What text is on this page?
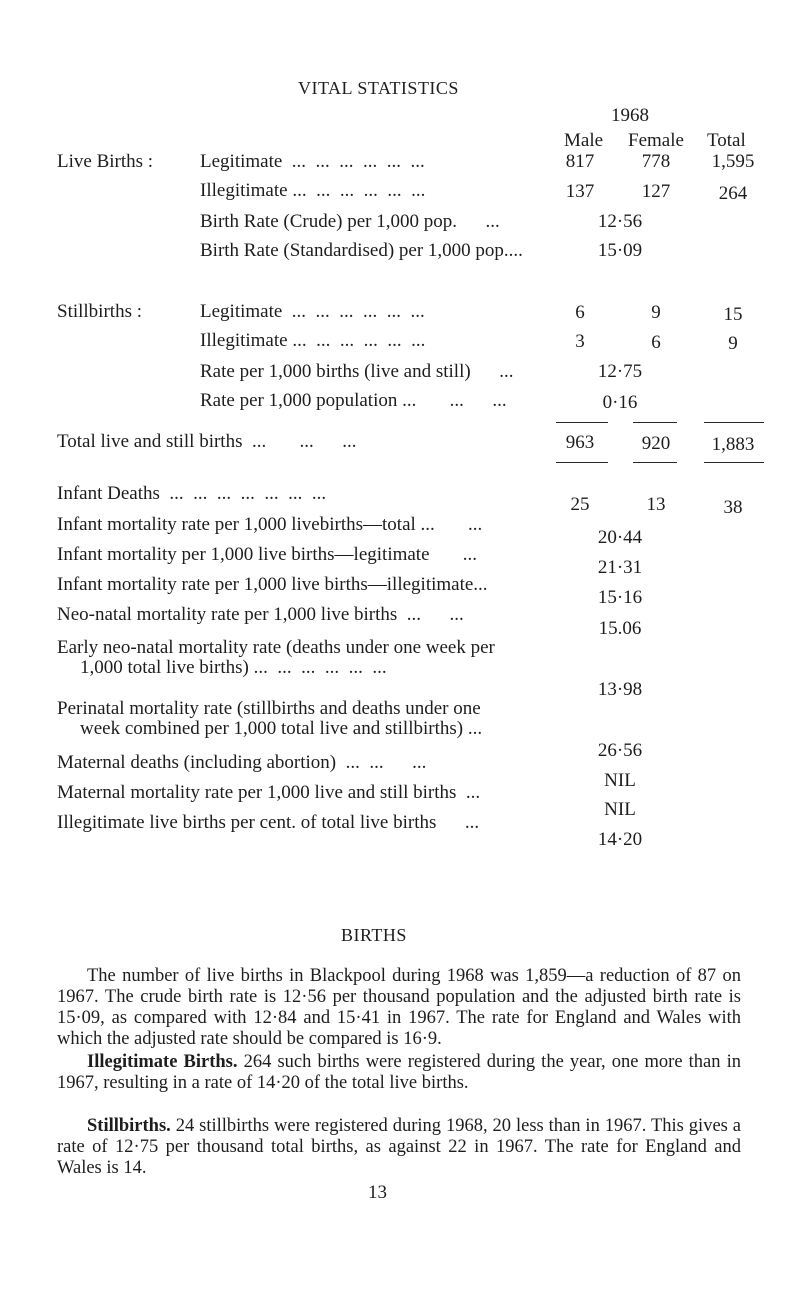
VITAL STATISTICS
1968
Male Female Total
Live Births :
Stillbirths :
Legitimate  ...  ...  ...  ...  ...  ...	817	778	1,595
Illegitimate ...  ...  ...  ...  ...  ...	137	127	264
Birth Rate (Crude) per 1,000 pop.      ...	12·56
Birth Rate (Standardised) per 1,000 pop....	15·09
Legitimate  ...  ...  ...  ...  ...  ...	6	9	15
Illegitimate ...  ...  ...  ...  ...  ...	3	6	9
Rate per 1,000 births (live and still)      ...	12·75
Rate per 1,000 population ...       ...      ...	0·16
Total live and still births  ...       ...      ...	963	920	1,883
Infant Deaths  ...  ...  ...  ...  ...  ...  ...
25	13	38
Infant mortality rate per 1,000 livebirths—total ...       ...
20·44
Infant mortality per 1,000 live births—legitimate       ...
21·31
Infant mortality rate per 1,000 live births—illegitimate...
15·16
Neo-natal mortality rate per 1,000 live births  ...      ...
15.06
Early neo-natal mortality rate (deaths under one week per
1,000 total live births) ...  ...  ...  ...  ...  ...
13·98
Perinatal mortality rate (stillbirths and deaths under one
week combined per 1,000 total live and stillbirths) ...
26·56
Maternal deaths (including abortion)  ...  ...      ...
NIL
Maternal mortality rate per 1,000 live and still births  ...
NIL
Illegitimate live births per cent. of total live births      ...
14·20
BIRTHS
The number of live births in Blackpool during 1968 was 1,859—a reduction of 87 on 1967. The crude birth rate is 12·56 per thousand population and the adjusted birth rate is 15·09, as compared with 12·84 and 15·41 in 1967. The rate for England and Wales with which the adjusted rate should be compared is 16·9.
Illegitimate Births. 264 such births were registered during the year, one more than in 1967, resulting in a rate of 14·20 of the total live births.
Stillbirths. 24 stillbirths were registered during 1968, 20 less than in 1967. This gives a rate of 12·75 per thousand total births, as against 22 in 1967. The rate for England and Wales is 14.
13
